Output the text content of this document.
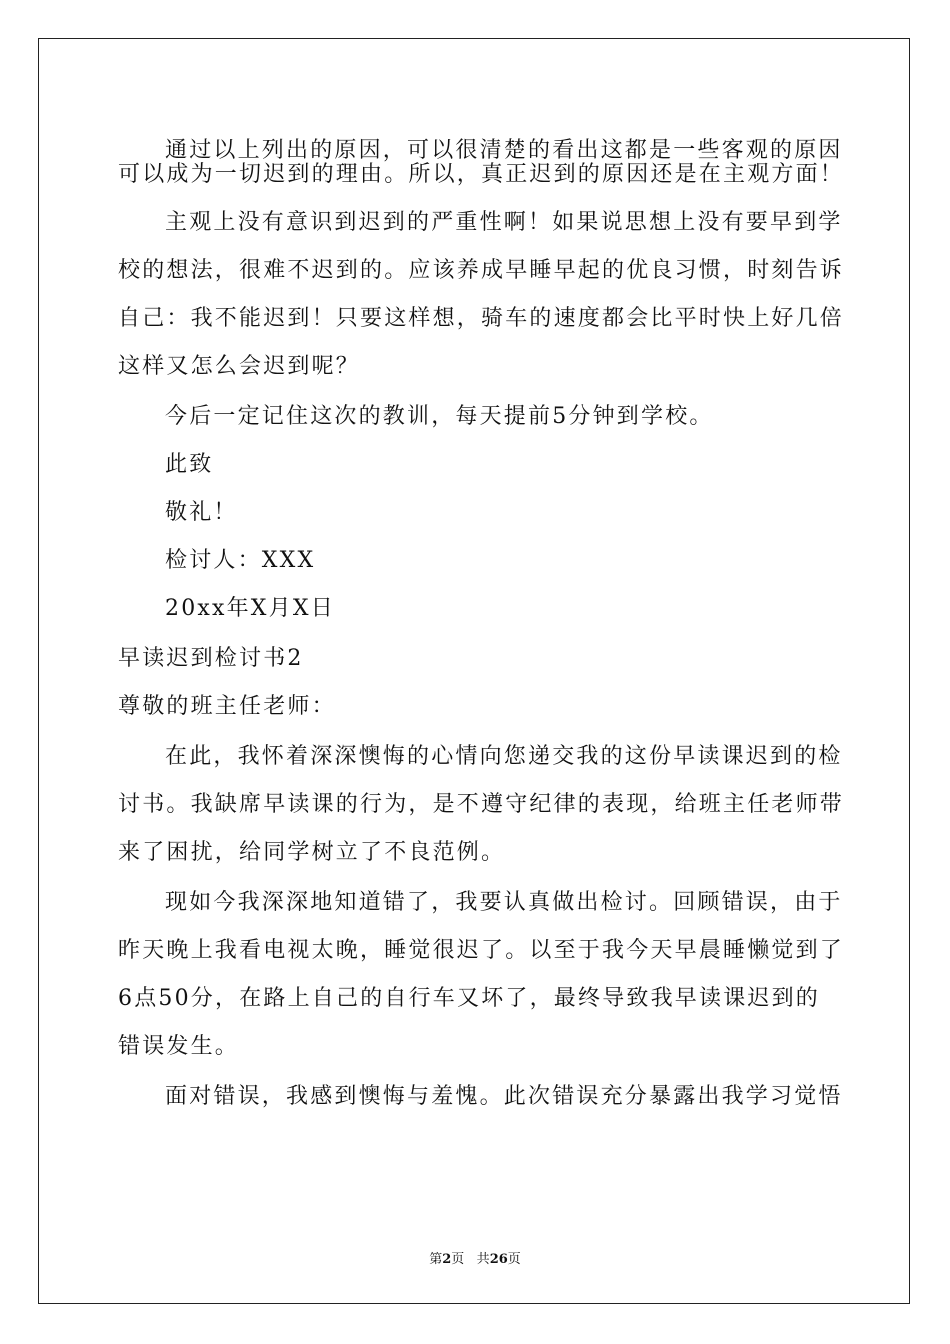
通过以上列出的原因，可以很清楚的看出这都是一些客观的原因
可以成为一切迟到的理由。所以，真正迟到的原因还是在主观方面！
主观上没有意识到迟到的严重性啊！如果说思想上没有要早到学
校的想法，很难不迟到的。应该养成早睡早起的优良习惯，时刻告诉
自己：我不能迟到！只要这样想，骑车的速度都会比平时快上好几倍
这样又怎么会迟到呢？
今后一定记住这次的教训，每天提前5分钟到学校。
此致
敬礼！
检讨人：XXX
20xx年X月X日
早读迟到检讨书2
尊敬的班主任老师：
在此，我怀着深深懊悔的心情向您递交我的这份早读课迟到的检
讨书。我缺席早读课的行为，是不遵守纪律的表现，给班主任老师带
来了困扰，给同学树立了不良范例。
现如今我深深地知道错了，我要认真做出检讨。回顾错误，由于
昨天晚上我看电视太晚，睡觉很迟了。以至于我今天早晨睡懒觉到了
6点50分，在路上自己的自行车又坏了，最终导致我早读课迟到的
错误发生。
面对错误，我感到懊悔与羞愧。此次错误充分暴露出我学习觉悟
第2页 共26页
